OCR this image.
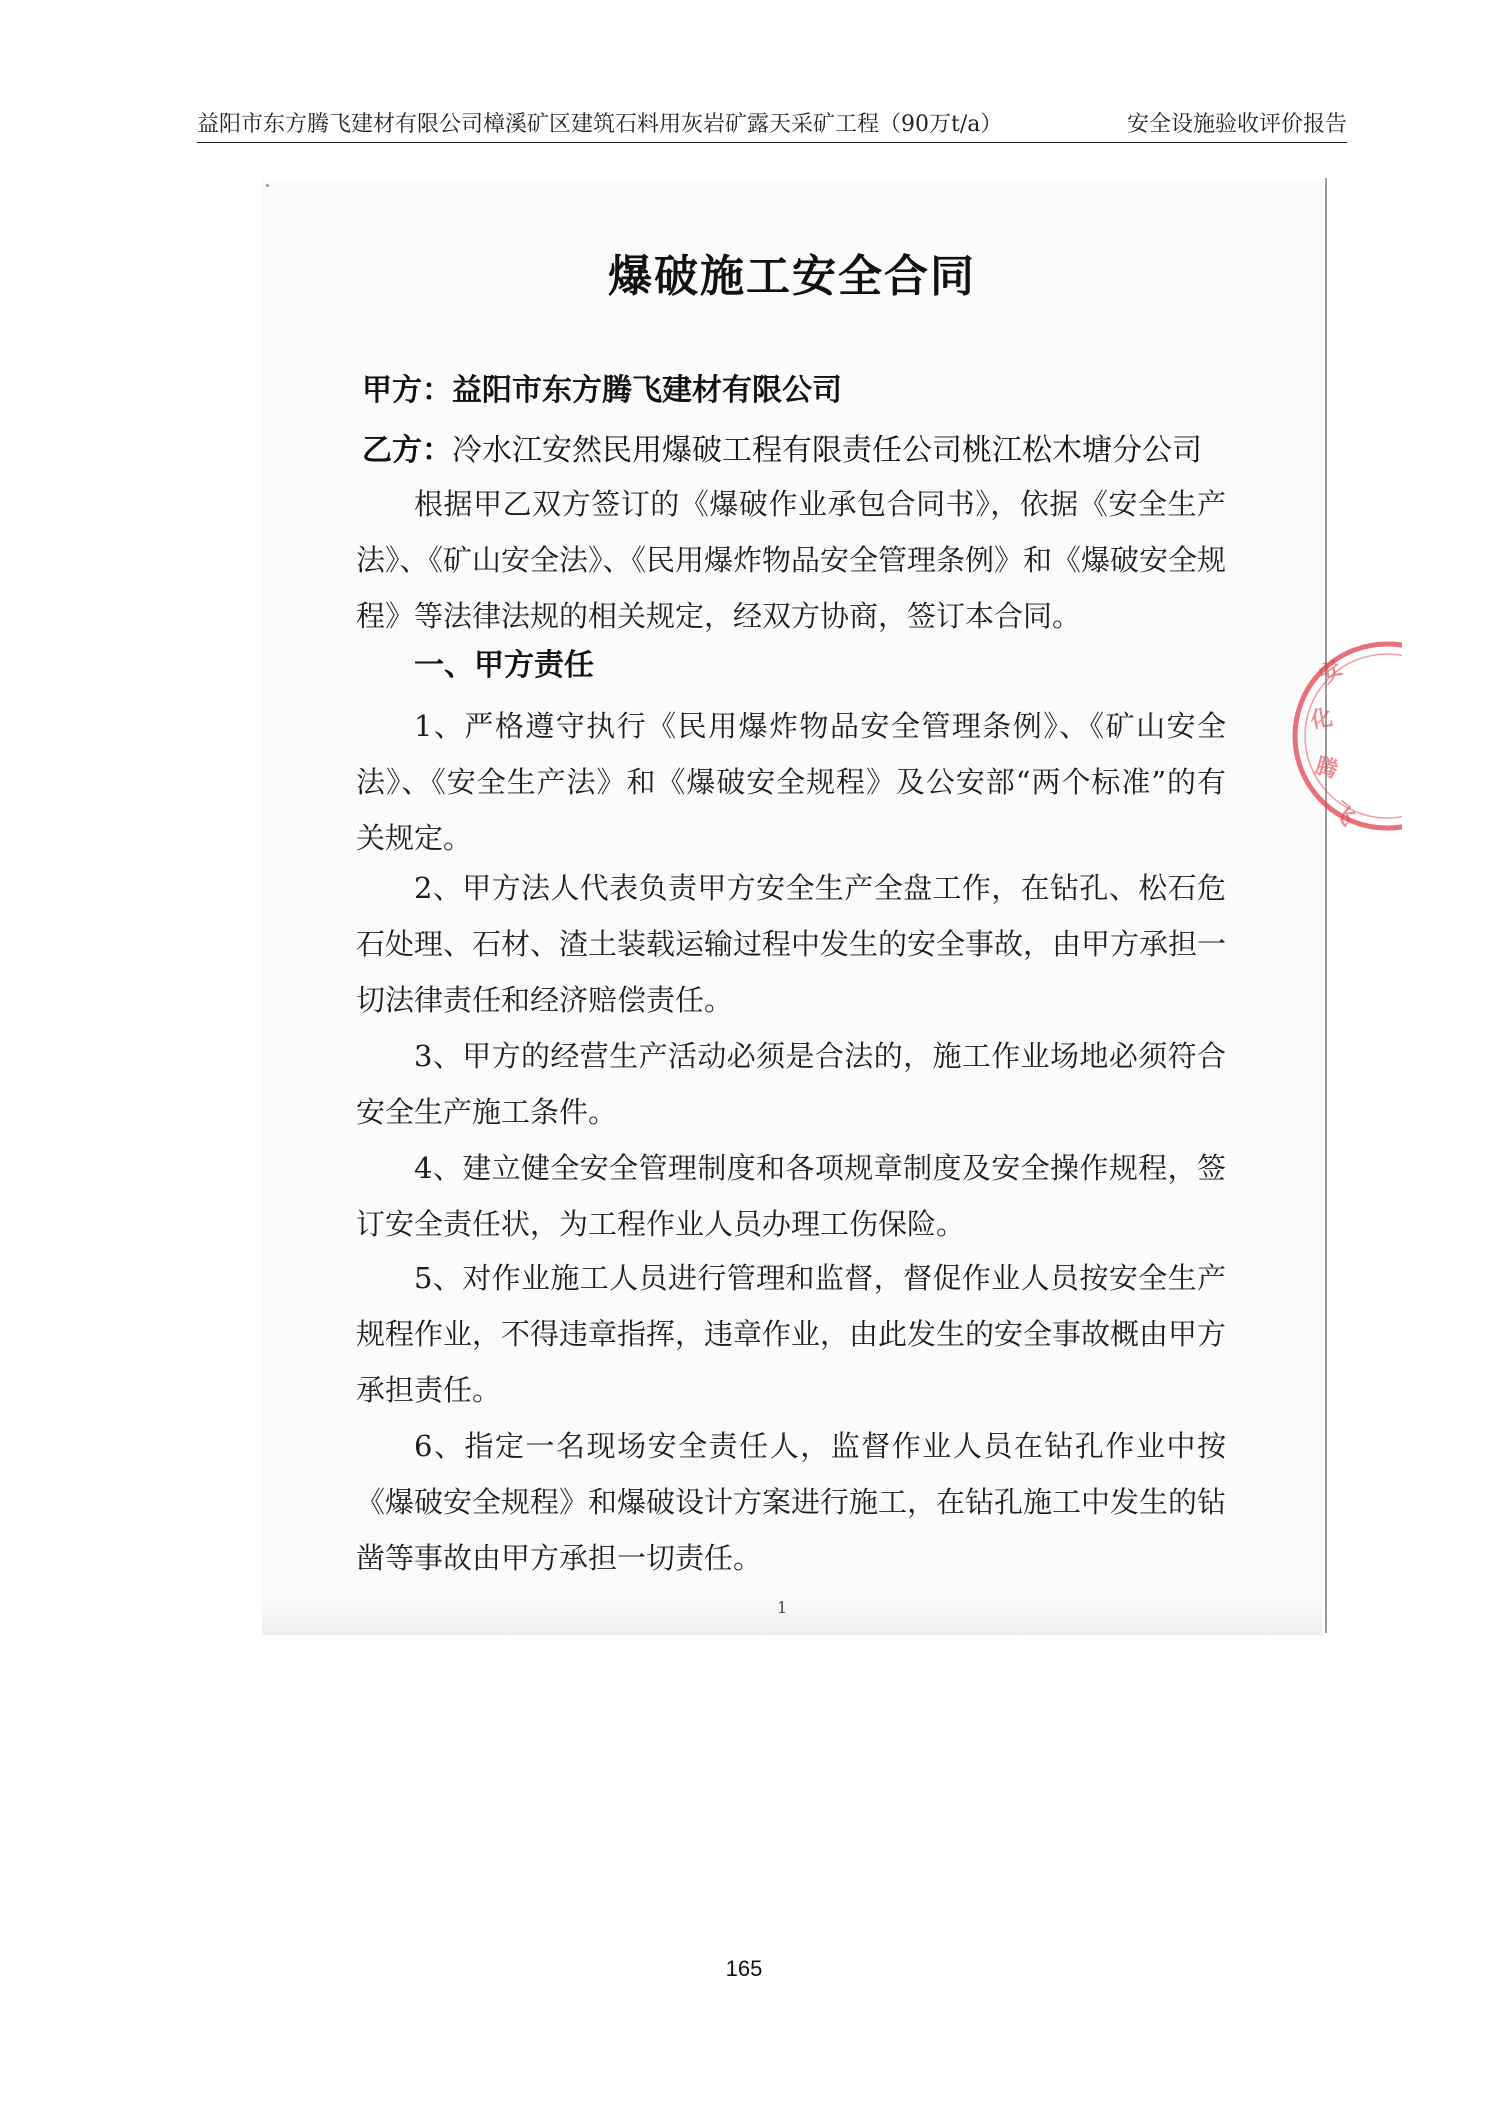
益阳市东方腾飞建材有限公司樟溪矿区建筑石料用灰岩矿露天采矿工程（90万t/a）	安全设施验收评价报告
爆破施工安全合同
甲方：益阳市东方腾飞建材有限公司
乙方：冷水江安然民用爆破工程有限责任公司桃江松木塘分公司

根据甲乙双方签订的《爆破作业承包合同书》，依据《安全生产法》、《矿山安全法》、《民用爆炸物品安全管理条例》和《爆破安全规程》等法律法规的相关规定，经双方协商，签订本合同。

一、甲方责任

1、严格遵守执行《民用爆炸物品安全管理条例》、《矿山安全法》、《安全生产法》和《爆破安全规程》及公安部“两个标准”的有关规定。

2、甲方法人代表负责甲方安全生产全盘工作，在钻孔、松石危石处理、石材、渣土装载运输过程中发生的安全事故，由甲方承担一切法律责任和经济赔偿责任。

3、甲方的经营生产活动必须是合法的，施工作业场地必须符合安全生产施工条件。

4、建立健全安全管理制度和各项规章制度及安全操作规程，签订安全责任状，为工程作业人员办理工伤保险。

5、对作业施工人员进行管理和监督，督促作业人员按安全生产规程作业，不得违章指挥，违章作业，由此发生的安全事故概由甲方承担责任。

6、指定一名现场安全责任人，监督作业人员在钻孔作业中按《爆破安全规程》和爆破设计方案进行施工，在钻孔施工中发生的钻凿等事故由甲方承担一切责任。

1
安
化
腾
飞
165
